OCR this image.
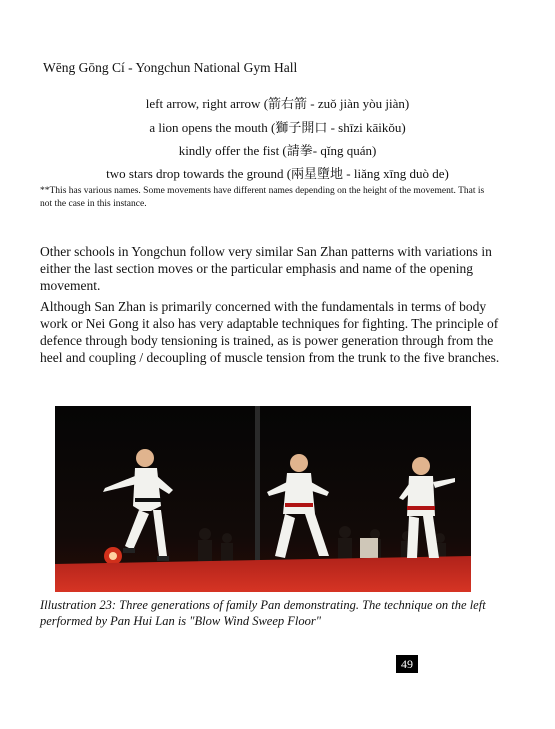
Wēng Gōng Cí - Yongchun National Gym Hall
left arrow, right arrow (箭右箭 - zuǒ jiàn yòu jiàn)
a lion opens the mouth (獅子開口 - shīzi kāikǒu)
kindly offer the fist (請拳- qǐng quán)
two stars drop towards the ground (兩星墮地 - liǎng xīng duò de)
**This has various names. Some movements have different names depending on the height of the movement. That is not the case in this instance.
Other schools in Yongchun follow very similar San Zhan patterns with variations in either the last section moves or the particular emphasis and name of the opening movement.
Although San Zhan is primarily concerned with the fundamentals in terms of body work or Nei Gong it also has very adaptable techniques for fighting. The principle of defence through body tensioning is trained, as is power generation through from the heel and coupling / decoupling of muscle tension from the trunk to the five branches.
Illustration 23: Three generations of family Pan demonstrating. The technique on the left performed by Pan Hui Lan is "Blow Wind Sweep Floor"
49
